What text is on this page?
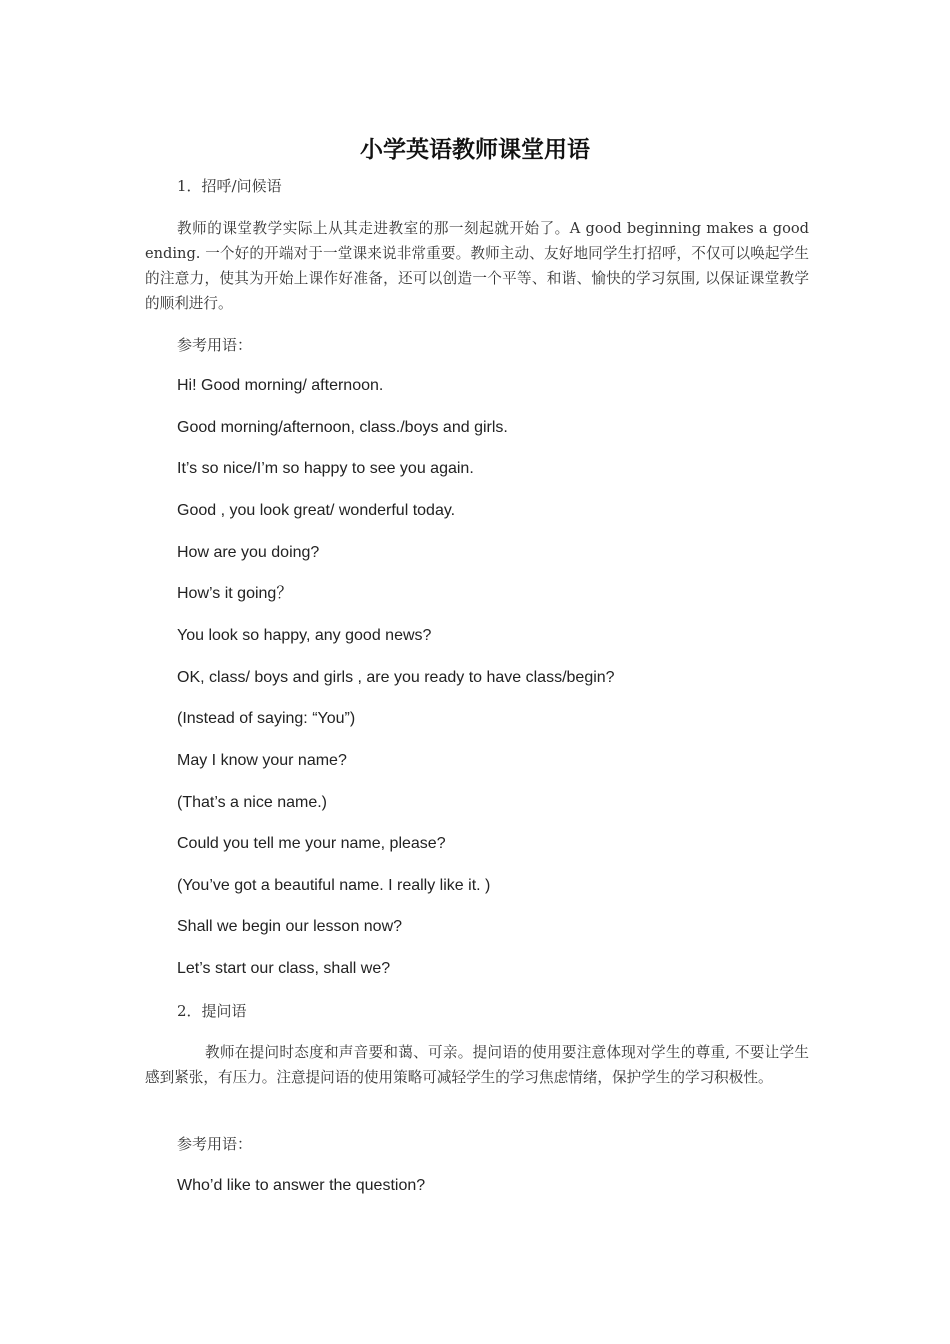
小学英语教师课堂用语
1．招呼/问候语
教师的课堂教学实际上从其走进教室的那一刻起就开始了。A good beginning makes a good ending. 一个好的开端对于一堂课来说非常重要。教师主动、友好地同学生打招呼，不仅可以唤起学生的注意力，使其为开始上课作好准备，还可以创造一个平等、和谐、愉快的学习氛围, 以保证课堂教学的顺利进行。
参考用语：
Hi! Good morning/ afternoon.
Good morning/afternoon, class./boys and girls.
It’s so nice/I’m so happy to see you again.
Good , you look great/ wonderful today.
How are you doing?
How’s it going？
You look so happy, any good news?
OK, class/ boys and girls , are you ready to have class/begin?
(Instead of saying: “You”)
May I know your name?
(That’s a nice name.)
Could you tell me your name, please?
(You’ve got a beautiful name. I really like it. )
Shall we begin our lesson now?
Let’s start our class, shall we?
2．提问语
教师在提问时态度和声音要和蔼、可亲。提问语的使用要注意体现对学生的尊重, 不要让学生感到紧张，有压力。注意提问语的使用策略可减轻学生的学习焦虑情绪，保护学生的学习积极性。
参考用语：
Who’d like to answer the question?
